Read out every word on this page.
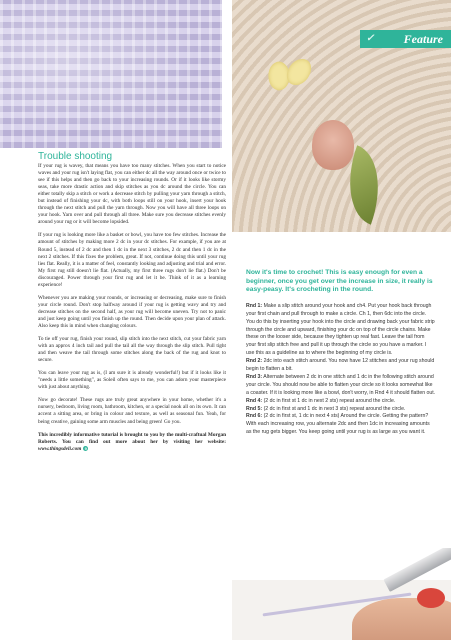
✓ Feature
Trouble shooting

If your rug is wavey, that means you have too many stitches. When you start to notice waves and your rug isn't laying flat, you can either dc all the way around once or twice to see if this helps and then go back to your increasing rounds. Or if it looks like stormy seas, take more drastic action and skip stitches as you dc around the circle. You can either totally skip a stitch or work a decrease stitch by pulling your yarn through a stitch, but instead of finishing your dc, with both loops still on your hook, insert your hook through the next stitch and pull the yarn through. Now you will have all three loops on your hook. Yarn over and pull through all three. Make sure you decrease stitches evenly around your rug or it will become lopsided.

If your rug is looking more like a basket or bowl, you have too few stitches. Increase the amount of stitches by making more 2 dc in your dc stitches. For example, if you are at Round 5, instead of 2 dc and then 1 dc in the next 3 stitches, 2 dc and then 1 dc in the next 2 stitches. If this fixes the problem, great. If not, continue doing this until your rug lies flat. Really, it is a matter of feel, constantly looking and adjusting and trial and error. My first rug still doesn't lie flat. (Actually, my first three rugs don't lie flat.) Don't be discouraged. Power through your first rug and let it be. Think of it as a learning experience!

Whenever you are making your rounds, or increasing or decreasing, make sure to finish your circle round. Don't stop halfway around if your rug is getting wavy and try and decrease stitches on the second half, as your rug will become uneven. Try not to panic and just keep going until you finish up the round. Then decide upon your plan of attack. Also keep this in mind when changing colours.

To tie off your rug, finish your round, slip stitch into the next stitch, cut your fabric yarn with an approx 4 inch tail and pull the tail all the way through the slip stitch. Pull tight and then weave the tail through some stitches along the back of the rug and knot to secure.

You can leave your rug as is, (I am sure it is already wonderful!) but if it looks like it "needs a little something", as Soleil often says to me, you can adorn your masterpiece with just about anything.

Now go decorate! These rugs are truly great anywhere in your home, whether it's a nursery, bedroom, living room, bathroom, kitchen, or a special nook all on its own. It can accent a sitting area, or bring in colour and texture, as well as seasonal fun. Yeah, for being creative, gaining some arm muscles and being green! Go you.

This incredibly informative tutorial is brought to you by the multi-craftual Morgan Roberts. You can find out more about her by visiting her website: www.thingsdeli.com 9

Now it's time to crochet! This is easy enough for even a beginner, once you get over the increase in size, it really is easy-peasy. It's crocheting in the round.

Rnd 1: Make a slip stitch around your hook and ch4. Put your hook back through your first chain and pull through to make a circle. Ch 1, then 6dc into the circle. You do this by inserting your hook into the circle and drawing back your fabric strip through the circle and upward, finishing your dc on top of the circle chains. Make these on the looser side, because they tighten up real fast. Leave the tail from your first slip stitch free and pull it up through the circle so you have a marker. I use this as a guideline as to where the beginning of my circle is.

Rnd 2: 2dc into each stitch around. You now have 12 stitches and your rug should begin to flatten a bit.

Rnd 3: Alternate between 2 dc in one stitch and 1 dc in the following stitch around your circle. You should now be able to flatten your circle so it looks somewhat like a coaster. If it is looking more like a bowl, don't worry, in Rnd 4 it should flatten out.

Rnd 4: (2 dc in first st 1 dc in next 2 sts) repeat around the circle.

Rnd 5: (2 dc in first st and 1 dc in next 3 sts) repeat around the circle.

Rnd 6: (2 dc in first st, 1 dc in next 4 sts) Around the circle. Getting the pattern? With each increasing row, you alternate 2dc and then 1dc in increasing amounts as the rug gets bigger. You keep going until your rug is as large as you want it.
